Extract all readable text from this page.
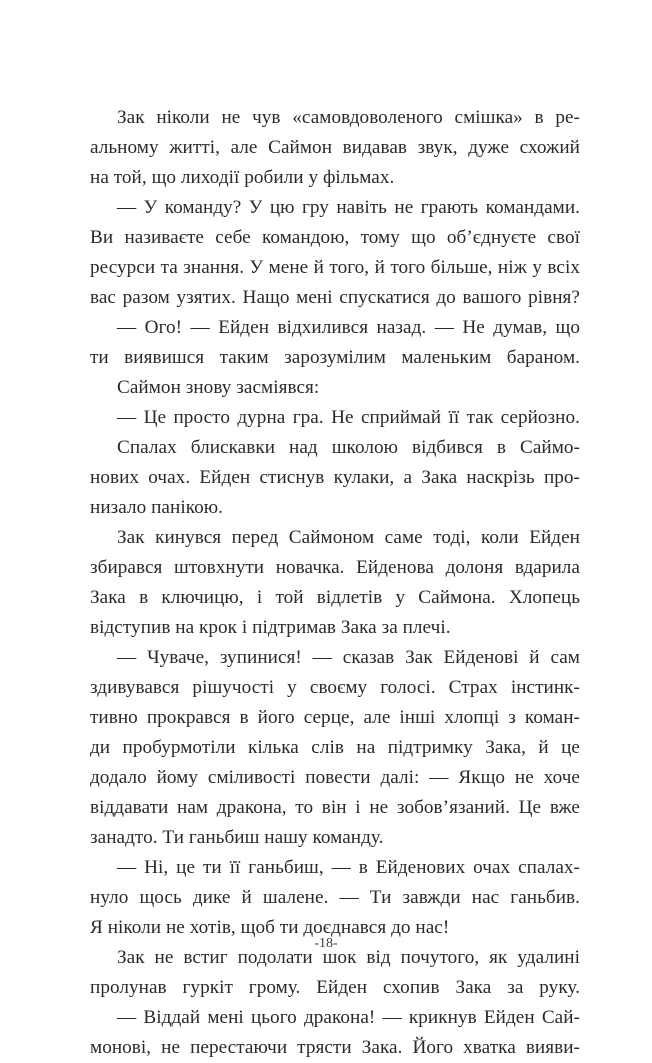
Зак ніколи не чув «самовдоволеного смішка» в ре-
альному житті, але Саймон видавав звук, дуже схожий
на той, що лиходії робили у фільмах.
— У команду? У цю гру навіть не грають командами.
Ви називаєте себе командою, тому що об’єднуєте свої
ресурси та знання. У мене й того, й того більше, ніж у всіх
вас разом узятих. Нащо мені спускатися до вашого рівня?
— Ого! — Ейден відхилився назад. — Не думав, що
ти виявишся таким зарозумілим маленьким бараном.
Саймон знову засміявся:
— Це просто дурна гра. Не сприймай її так серйозно.
Спалах блискавки над школою відбився в Саймо-
нових очах. Ейден стиснув кулаки, а Зака наскрізь про-
низало панікою.
Зак кинувся перед Саймоном саме тоді, коли Ейден
збирався штовхнути новачка. Ейденова долоня вдарила
Зака в ключицю, і той відлетів у Саймона. Хлопець
відступив на крок і підтримав Зака за плечі.
— Чуваче, зупинися! — сказав Зак Ейденові й сам
здивувався рішучості у своєму голосі. Страх інстинк-
тивно прокрався в його серце, але інші хлопці з коман-
ди пробурмотіли кілька слів на підтримку Зака, й це
додало йому сміливості повести далі: — Якщо не хоче
віддавати нам дракона, то він і не зобов’язаний. Це вже
занадто. Ти ганьбиш нашу команду.
— Ні, це ти її ганьбиш, — в Ейденових очах спалах-
нуло щось дике й шалене. — Ти завжди нас ганьбив.
Я ніколи не хотів, щоб ти доєднався до нас!
Зак не встиг подолати шок від почутого, як удалині
пролунав гуркіт грому. Ейден схопив Зака за руку.
— Віддай мені цього дракона! — крикнув Ейден Сай-
монові, не перестаючи трясти Зака. Його хватка вияви-
-18-
